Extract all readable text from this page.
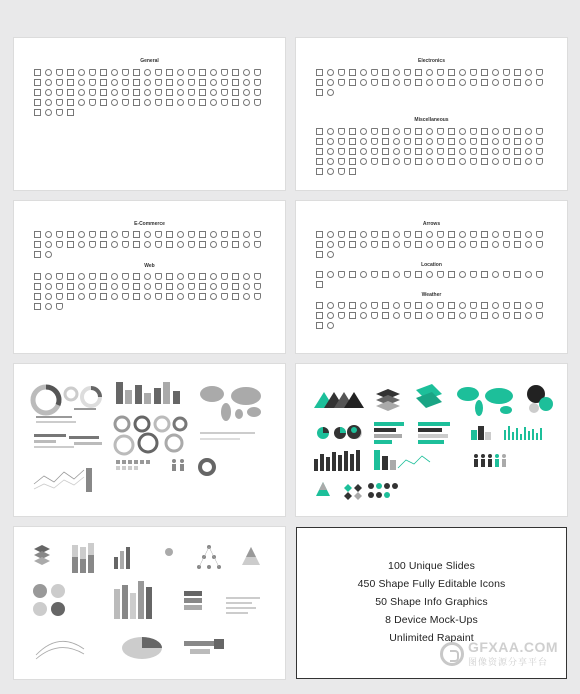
General	Electronics
Miscellaneous
E-Commerce
Web
Arrows
Location
Weather
100 Unique Slides
450 Shape Fully Editable Icons
50 Shape Info Graphics
8 Device Mock-Ups
Unlimited Rapaint
GFXAA.COM
图像资源分享平台
